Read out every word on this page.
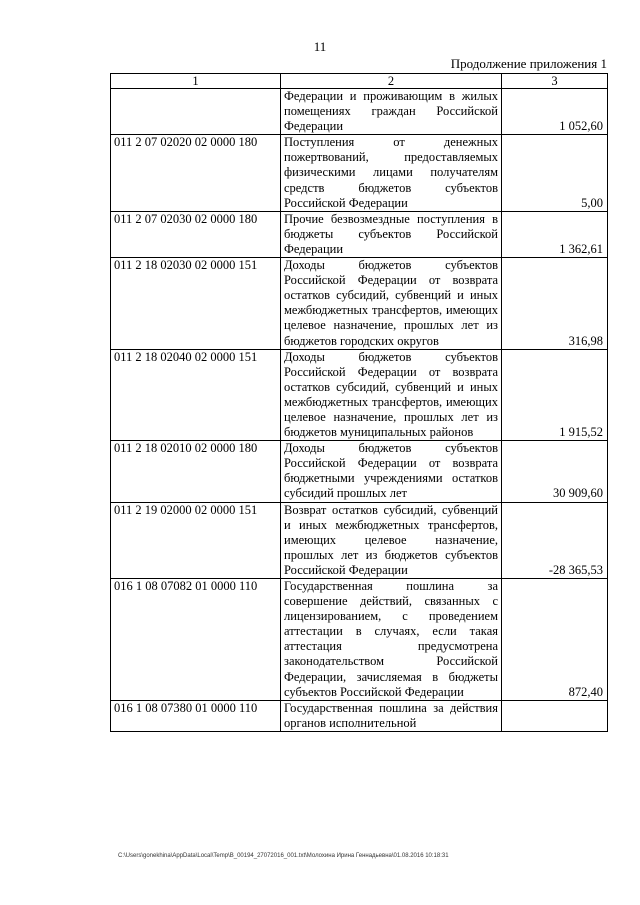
11
Продолжение приложения 1
1	2	3
	Федерации и проживающим в жилых помещениях граждан Российской Федерации	1 052,60
011 2 07 02020 02 0000 180	Поступления от денежных пожертвований, предоставляемых физическими лицами получателям средств бюджетов субъектов Российской Федерации	5,00
011 2 07 02030 02 0000 180	Прочие безвозмездные поступления в бюджеты субъектов Российской Федерации	1 362,61
011 2 18 02030 02 0000 151	Доходы бюджетов субъектов Российской Федерации от возврата остатков субсидий, субвенций и иных межбюджетных трансфертов, имеющих целевое назначение, прошлых лет из бюджетов городских округов	316,98
011 2 18 02040 02 0000 151	Доходы бюджетов субъектов Российской Федерации от возврата остатков субсидий, субвенций и иных межбюджетных трансфертов, имеющих целевое назначение, прошлых лет из бюджетов муниципальных районов	1 915,52
011 2 18 02010 02 0000 180	Доходы бюджетов субъектов Российской Федерации от возврата бюджетными учреждениями остатков субсидий прошлых лет	30 909,60
011 2 19 02000 02 0000 151	Возврат остатков субсидий, субвенций и иных межбюджетных трансфертов, имеющих целевое назначение, прошлых лет из бюджетов субъектов Российской Федерации	-28 365,53
016 1 08 07082 01 0000 110	Государственная пошлина за совершение действий, связанных с лицензированием, с проведением аттестации в случаях, если такая аттестация предусмотрена законодательством Российской Федерации, зачисляемая в бюджеты субъектов Российской Федерации	872,40
016 1 08 07380 01 0000 110	Государственная пошлина за действия органов исполнительной	
C:\Users\gonekhina\AppData\Local\Temp\B_00194_27072016_001.txt\Молохина Ирина Геннадьевна\01.08.2016 10:18:31
